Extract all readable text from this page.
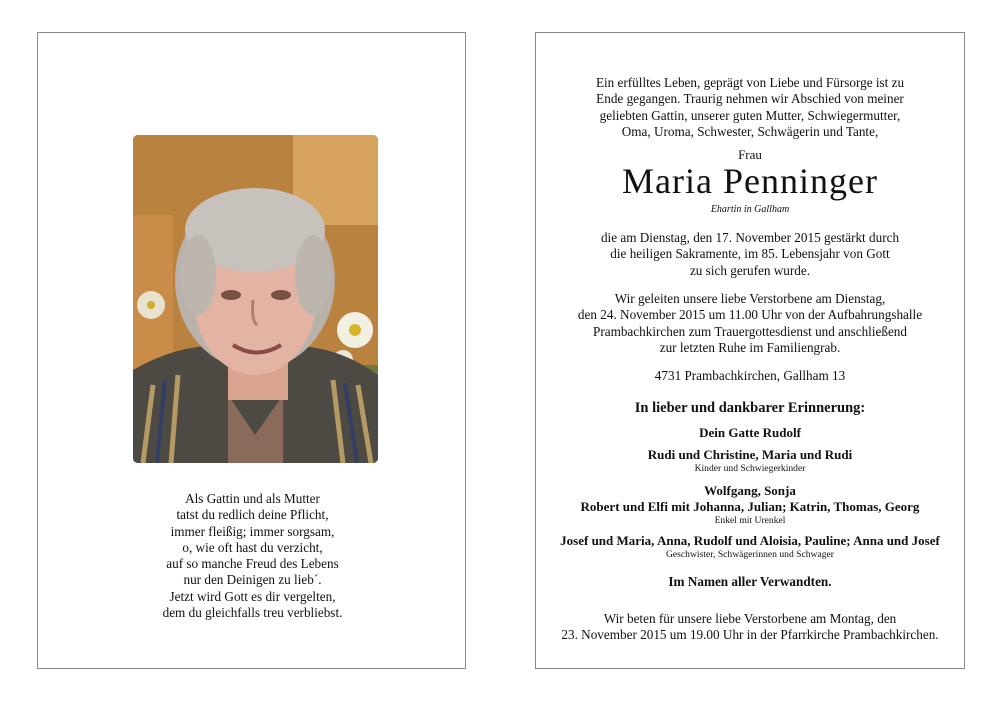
Als Gattin und als Mutter
tatst du redlich deine Pflicht,
immer fleißig; immer sorgsam,
o, wie oft hast du verzicht,
auf so manche Freud des Lebens
nur den Deinigen zu lieb´.
Jetzt wird Gott es dir vergelten,
dem du gleichfalls treu verbliebst.
Ein erfülltes Leben, geprägt von Liebe und Fürsorge ist zu
Ende gegangen. Traurig nehmen wir Abschied von meiner
geliebten Gattin, unserer guten Mutter, Schwiegermutter,
Oma, Uroma, Schwester, Schwägerin und Tante,
Frau
Maria Penninger
Ehartin in Gallham
die am Dienstag, den 17. November 2015 gestärkt durch
die heiligen Sakramente, im 85. Lebensjahr von Gott
zu sich gerufen wurde.
Wir geleiten unsere liebe Verstorbene am Dienstag,
den 24. November 2015 um 11.00 Uhr von der Aufbahrungshalle
Prambachkirchen zum Trauergottesdienst und anschließend
zur letzten Ruhe im Familiengrab.
4731 Prambachkirchen, Gallham 13
In lieber und dankbarer Erinnerung:
Dein Gatte Rudolf
Rudi und Christine, Maria und Rudi
Kinder und Schwiegerkinder
Wolfgang, Sonja
Robert und Elfi mit Johanna, Julian; Katrin, Thomas, Georg
Enkel mit Urenkel
Josef und Maria, Anna, Rudolf und Aloisia, Pauline; Anna und Josef
Geschwister, Schwägerinnen und Schwager
Im Namen aller Verwandten.
Wir beten für unsere liebe Verstorbene am Montag, den
23. November 2015 um 19.00 Uhr in der Pfarrkirche Prambachkirchen.
